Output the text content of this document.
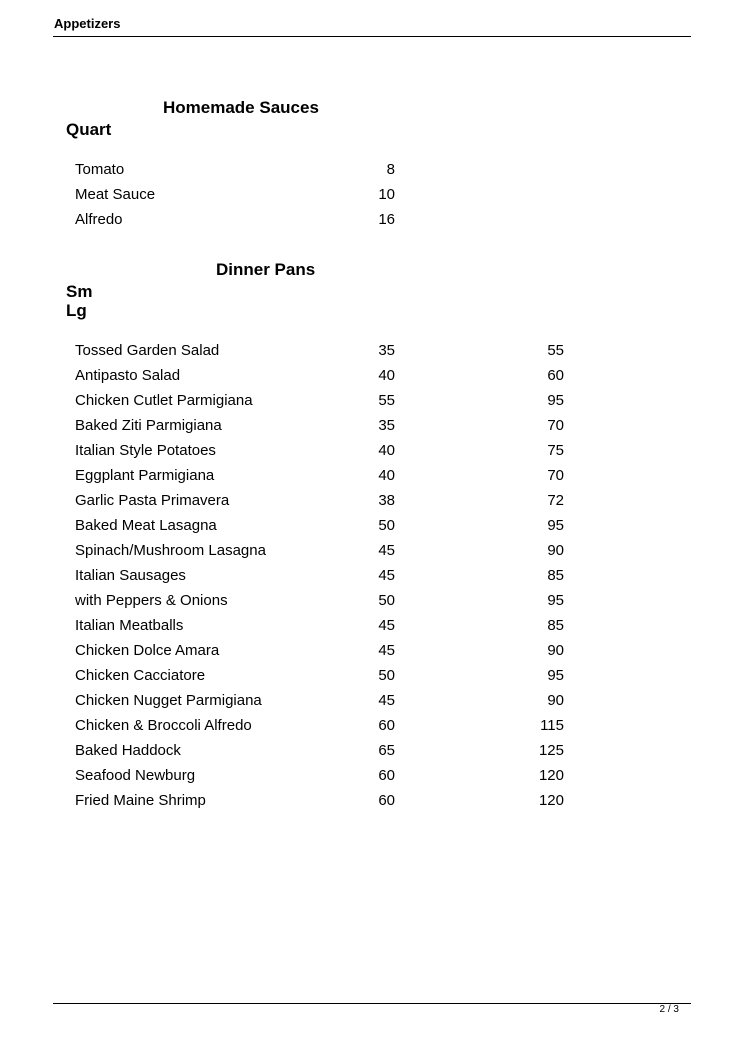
Appetizers
Homemade Sauces
Quart
Tomato	8
Meat Sauce	10
Alfredo	16
Dinner Pans
Sm
Lg
Tossed Garden Salad	35	55
Antipasto Salad	40	60
Chicken Cutlet Parmigiana	55	95
Baked Ziti Parmigiana	35	70
Italian Style Potatoes	40	75
Eggplant Parmigiana	40	70
Garlic Pasta Primavera	38	72
Baked Meat Lasagna	50	95
Spinach/Mushroom Lasagna	45	90
Italian Sausages	45	85
with Peppers & Onions	50	95
Italian Meatballs	45	85
Chicken Dolce Amara	45	90
Chicken Cacciatore	50	95
Chicken Nugget Parmigiana	45	90
Chicken & Broccoli Alfredo	60	115
Baked Haddock	65	125
Seafood Newburg	60	120
Fried Maine Shrimp	60	120
2 / 3
